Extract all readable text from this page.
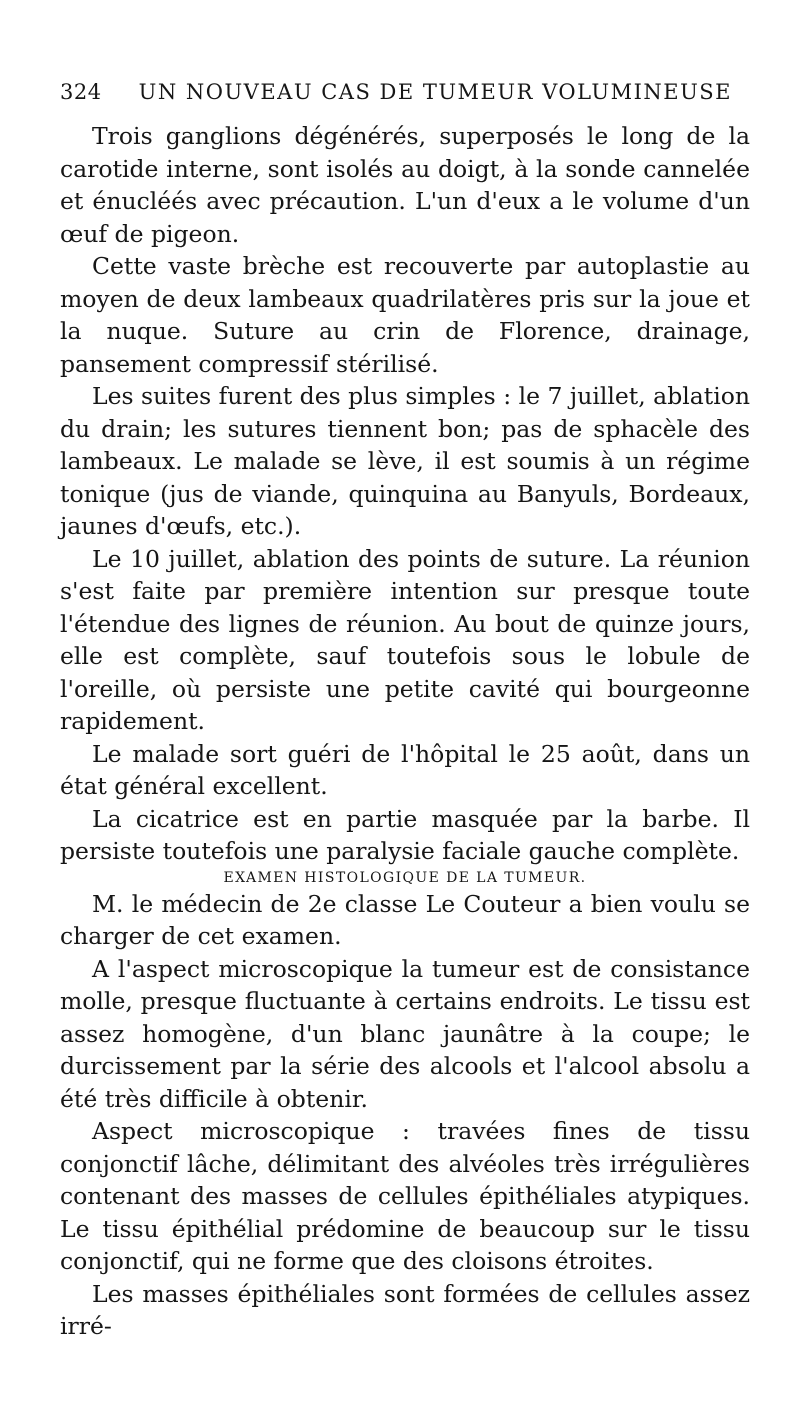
324 UN NOUVEAU CAS DE TUMEUR VOLUMINEUSE

Trois ganglions dégénérés, superposés le long de la carotide interne, sont isolés au doigt, à la sonde cannelée et énucléés avec précaution. L'un d'eux a le volume d'un œuf de pigeon.

Cette vaste brèche est recouverte par autoplastie au moyen de deux lambeaux quadrilatères pris sur la joue et la nuque. Suture au crin de Florence, drainage, pansement compressif stérilisé.

Les suites furent des plus simples : le 7 juillet, ablation du drain; les sutures tiennent bon; pas de sphacèle des lambeaux. Le malade se lève, il est soumis à un régime tonique (jus de viande, quinquina au Banyuls, Bordeaux, jaunes d'œufs, etc.).

Le 10 juillet, ablation des points de suture. La réunion s'est faite par première intention sur presque toute l'étendue des lignes de réunion. Au bout de quinze jours, elle est complète, sauf toutefois sous le lobule de l'oreille, où persiste une petite cavité qui bourgeonne rapidement.

Le malade sort guéri de l'hôpital le 25 août, dans un état général excellent.

La cicatrice est en partie masquée par la barbe. Il persiste toutefois une paralysie faciale gauche complète.

EXAMEN HISTOLOGIQUE DE LA TUMEUR.

M. le médecin de 2e classe Le Couteur a bien voulu se charger de cet examen.

A l'aspect microscopique la tumeur est de consistance molle, presque fluctuante à certains endroits. Le tissu est assez homogène, d'un blanc jaunâtre à la coupe; le durcissement par la série des alcools et l'alcool absolu a été très difficile à obtenir.

Aspect microscopique : travées fines de tissu conjonctif lâche, délimitant des alvéoles très irrégulières contenant des masses de cellules épithéliales atypiques. Le tissu épithélial prédomine de beaucoup sur le tissu conjonctif, qui ne forme que des cloisons étroites.

Les masses épithéliales sont formées de cellules assez irré-
